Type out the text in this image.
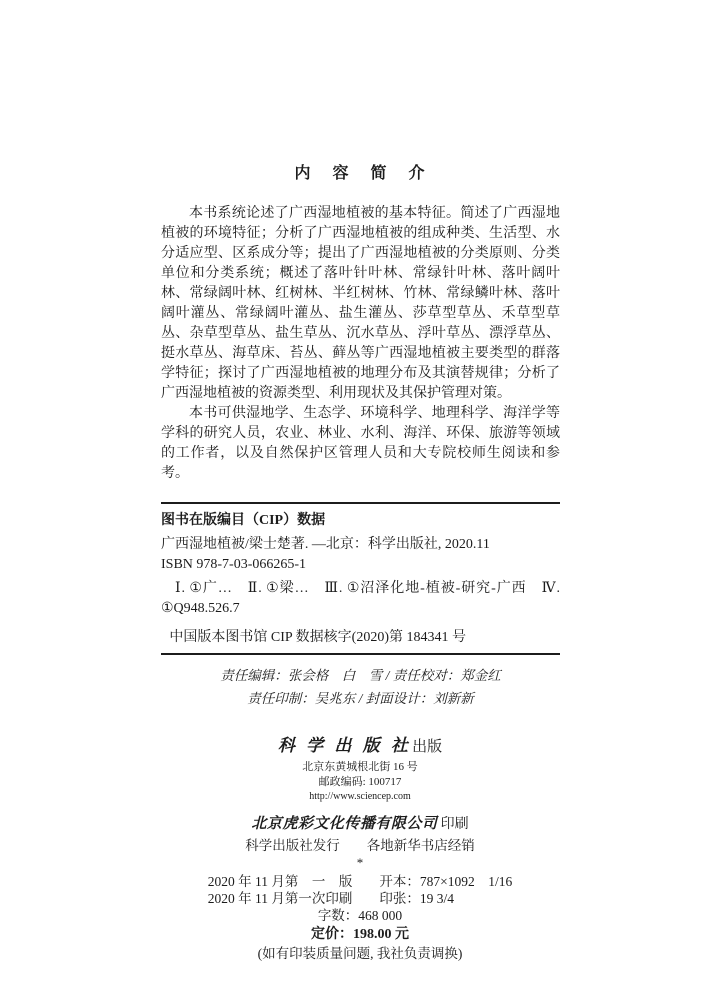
内 容 简 介

本书系统论述了广西湿地植被的基本特征。简述了广西湿地植被的环境特征；分析了广西湿地植被的组成种类、生活型、水分适应型、区系成分等；提出了广西湿地植被的分类原则、分类单位和分类系统；概述了落叶针叶林、常绿针叶林、落叶阔叶林、常绿阔叶林、红树林、半红树林、竹林、常绿鳞叶林、落叶阔叶灌丛、常绿阔叶灌丛、盐生灌丛、莎草型草丛、禾草型草丛、杂草型草丛、盐生草丛、沉水草丛、浮叶草丛、漂浮草丛、挺水草丛、海草床、苔丛、藓丛等广西湿地植被主要类型的群落学特征；探讨了广西湿地植被的地理分布及其演替规律；分析了广西湿地植被的资源类型、利用现状及其保护管理对策。

本书可供湿地学、生态学、环境科学、地理科学、海洋学等学科的研究人员，农业、林业、水利、海洋、环保、旅游等领域的工作者，以及自然保护区管理人员和大专院校师生阅读和参考。

图书在版编目（CIP）数据

广西湿地植被/梁士楚著. —北京：科学出版社, 2020.11

ISBN 978-7-03-066265-1

Ⅰ. ①广…　Ⅱ. ①梁…　Ⅲ. ①沼泽化地-植被-研究-广西　Ⅳ. ①Q948.526.7

中国版本图书馆 CIP 数据核字(2020)第 184341 号

责任编辑：张会格　白　雪 / 责任校对：郑金红

责任印制：吴兆东 / 封面设计：刘新新

科 学 出 版 社 出版

北京东黄城根北街 16 号

邮政编码: 100717

http://www.sciencep.com

北京虎彩文化传播有限公司 印刷

科学出版社发行　　各地新华书店经销

*

2020 年 11 月第　一　版　　开本：787×1092　1/16

2020 年 11 月第一次印刷　　印张：19 3/4

字数：468 000

定价：198.00 元

(如有印装质量问题, 我社负责调换)
